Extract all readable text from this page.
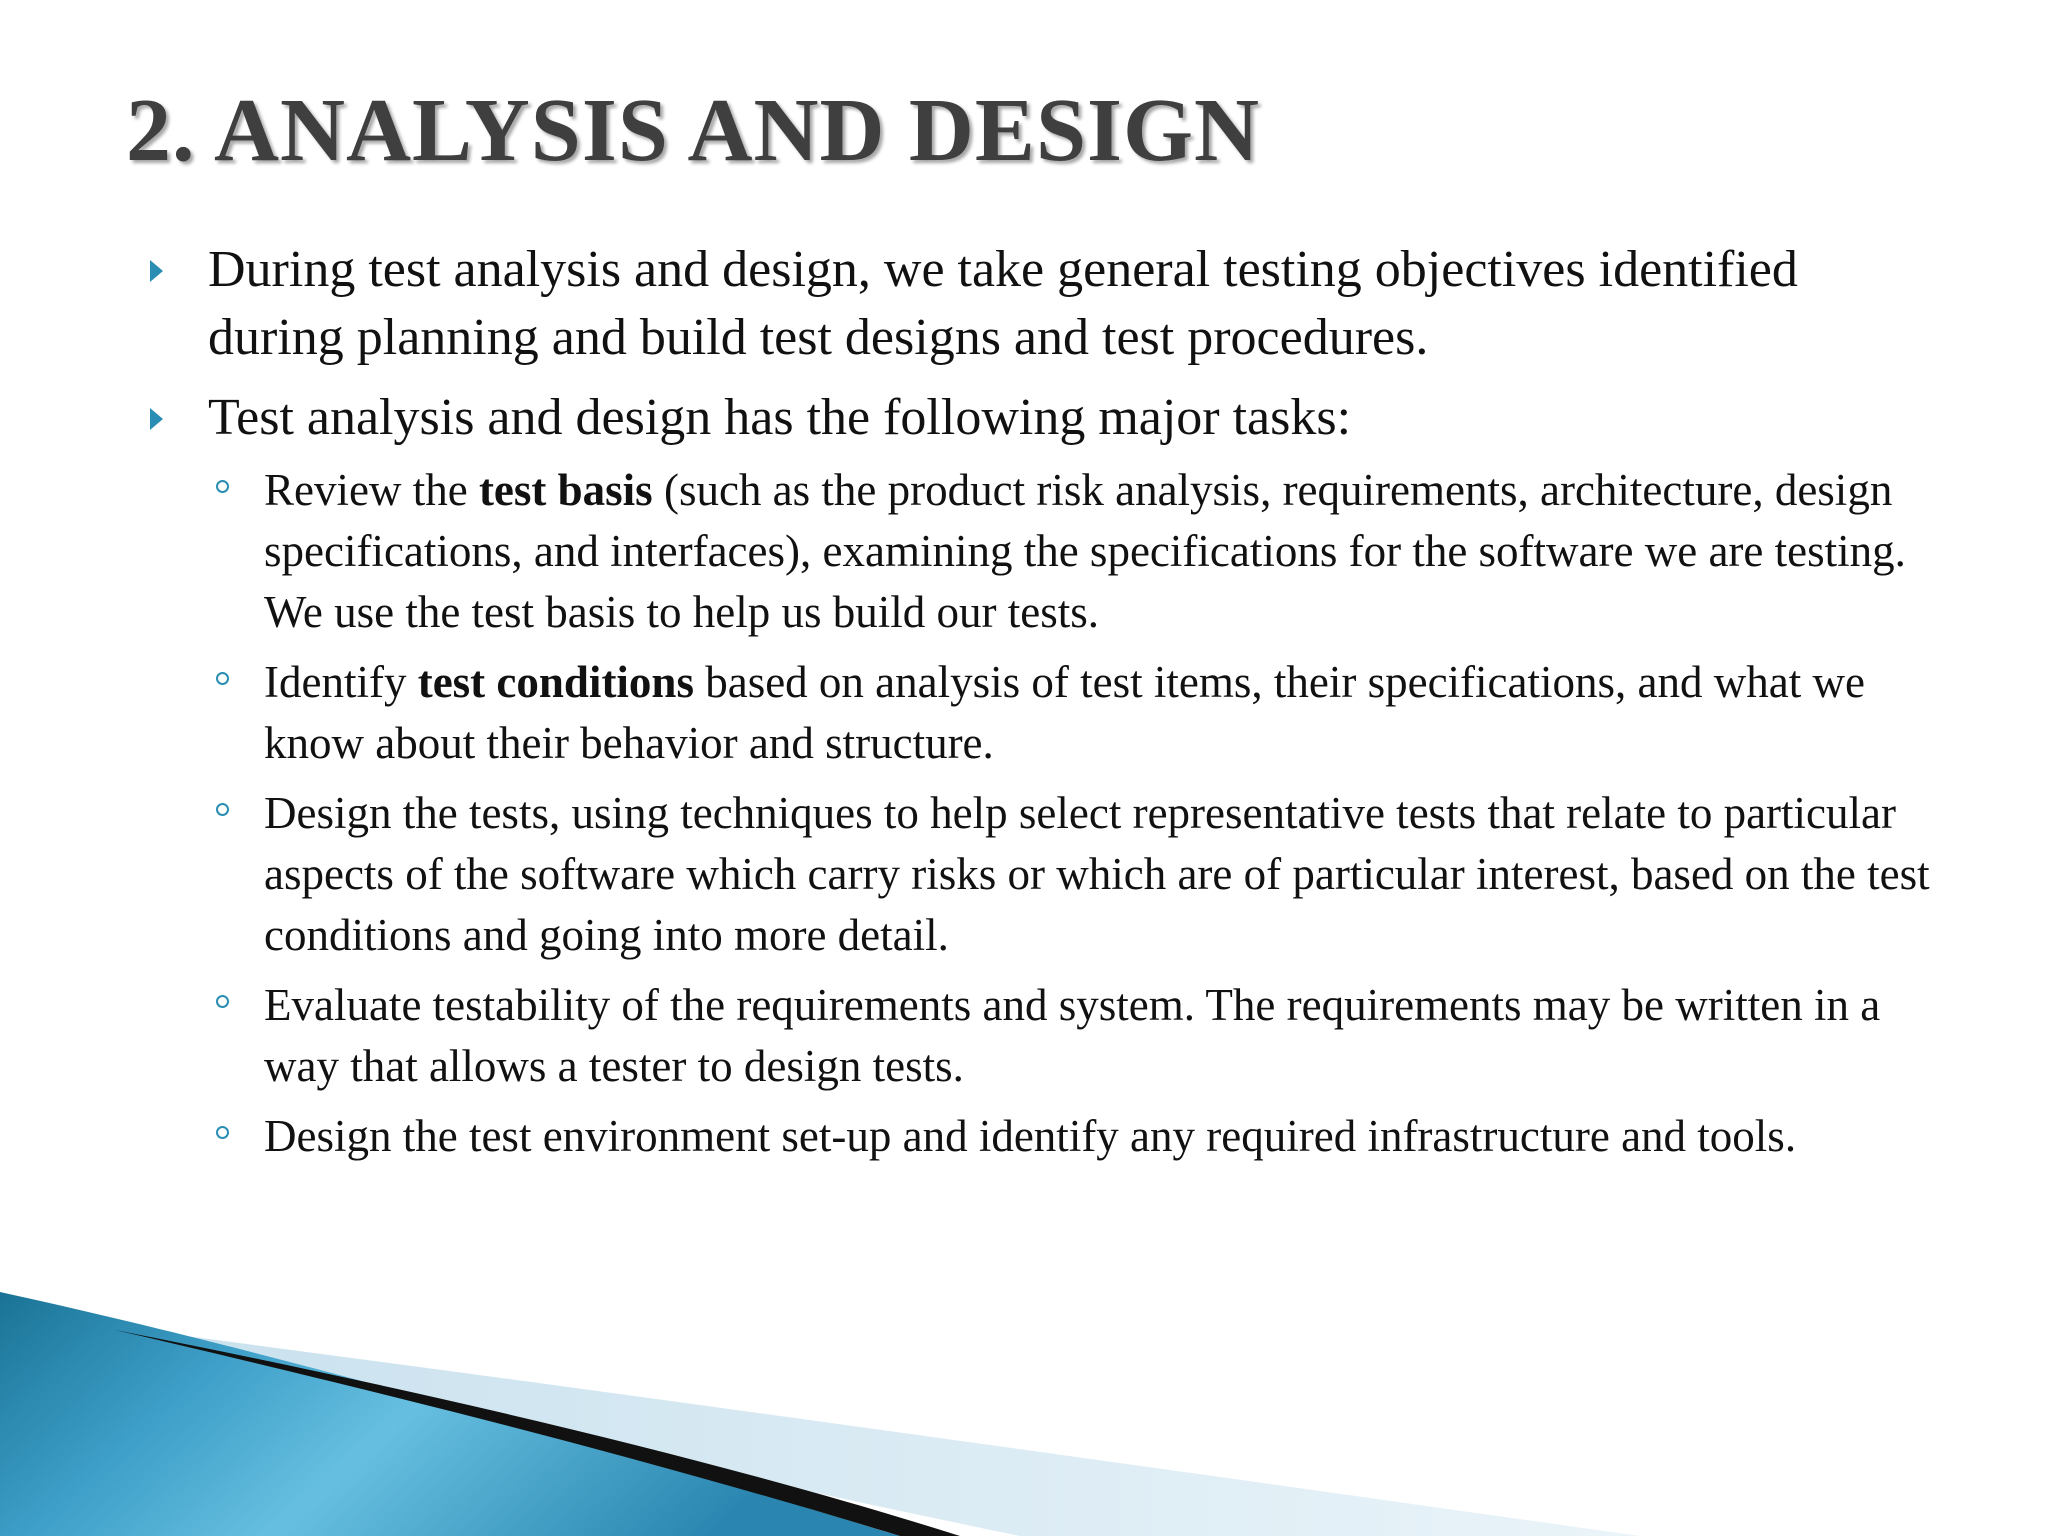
2. ANALYSIS AND DESIGN
During test analysis and design, we take general testing objectives identified during planning and build test designs and test procedures.
Test analysis and design has the following major tasks:
Review the test basis (such as the product risk analysis, requirements, architecture, design specifications, and interfaces), examining the specifications for the software we are testing. We use the test basis to help us build our tests.
Identify test conditions based on analysis of test items, their specifications, and what we know about their behavior and structure.
Design the tests, using techniques to help select representative tests that relate to particular aspects of the software which carry risks or which are of particular interest, based on the test conditions and going into more detail.
Evaluate testability of the requirements and system. The requirements may be written in a way that allows a tester to design tests.
Design the test environment set-up and identify any required infrastructure and tools.
